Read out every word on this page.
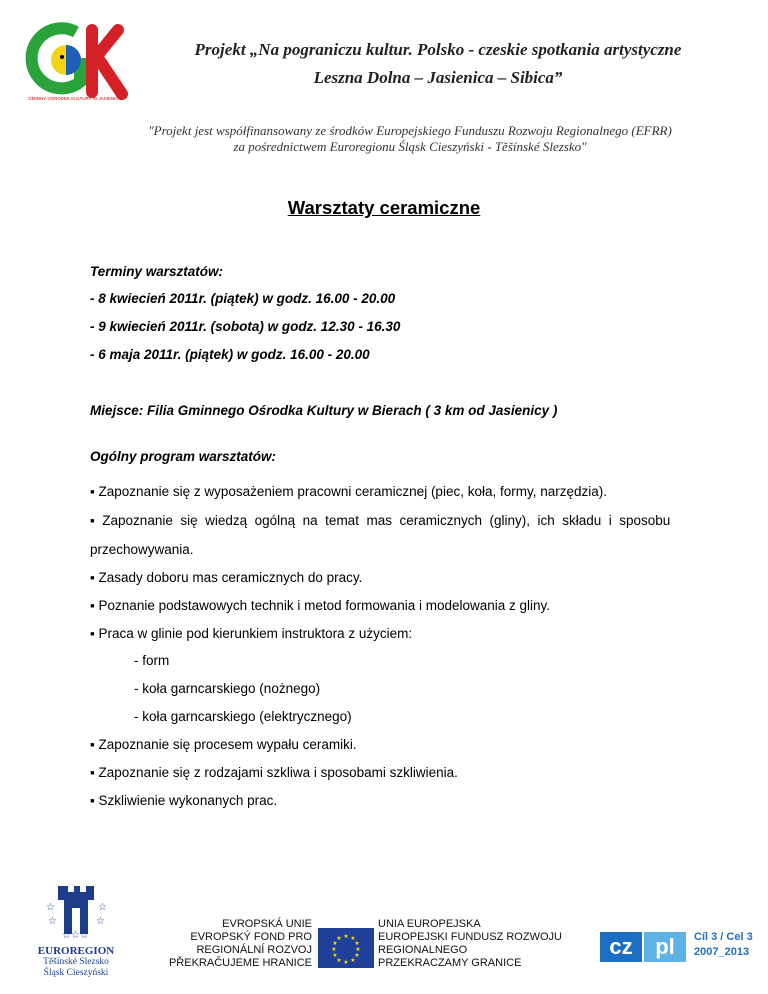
GMINNY OŚRODEK KULTURY W JASIENICY
Projekt „Na pograniczu kultur. Polsko - czeskie spotkania artystyczne
Leszna Dolna – Jasienica – Sibica”
"Projekt jest współfinansowany ze środków Europejskiego Funduszu Rozwoju Regionalnego (EFRR)
za pośrednictwem Euroregionu Śląsk Cieszyński - Těšínské Slezsko"
Warsztaty ceramiczne
Terminy warsztatów:
- 8 kwiecień 2011r. (piątek) w godz. 16.00 - 20.00
- 9 kwiecień 2011r. (sobota) w godz. 12.30 - 16.30
- 6 maja 2011r. (piątek) w godz. 16.00 - 20.00
Miejsce: Filia Gminnego Ośrodka Kultury w Bierach ( 3 km od Jasienicy )
Ogólny program warsztatów:
▪ Zapoznanie się z wyposażeniem pracowni ceramicznej (piec, koła, formy, narzędzia).
▪  Zapoznanie  się  wiedzą  ogólną  na  temat  mas  ceramicznych  (gliny),  ich  składu  i  sposobu
przechowywania.
▪ Zasady doboru mas ceramicznych do pracy.
▪ Poznanie podstawowych technik i metod formowania i modelowania z gliny.
▪ Praca w glinie pod kierunkiem instruktora z użyciem:
- form
- koła garncarskiego (nożnego)
- koła garncarskiego (elektrycznego)
▪ Zapoznanie się procesem wypału ceramiki.
▪ Zapoznanie się z rodzajami szkliwa i sposobami szkliwienia.
▪ Szkliwienie wykonanych prac.
☆	☆
☆	☆
☆☆☆
EUROREGION
Těšínské Slezsko
Śląsk Cieszyński
EVROPSKÁ UNIE
EVROPSKÝ FOND PRO REGIONÁLNÍ ROZVOJ
PŘEKRAČUJEME HRANICE
★ ★
★
★
★
★
★
★
★
★
★
★
UNIA EUROPEJSKA
EUROPEJSKI FUNDUSZ ROZWOJU REGIONALNEGO
PRZEKRACZAMY GRANICE
cz	pl	Cíl 3 / Cel 3
2007_2013
